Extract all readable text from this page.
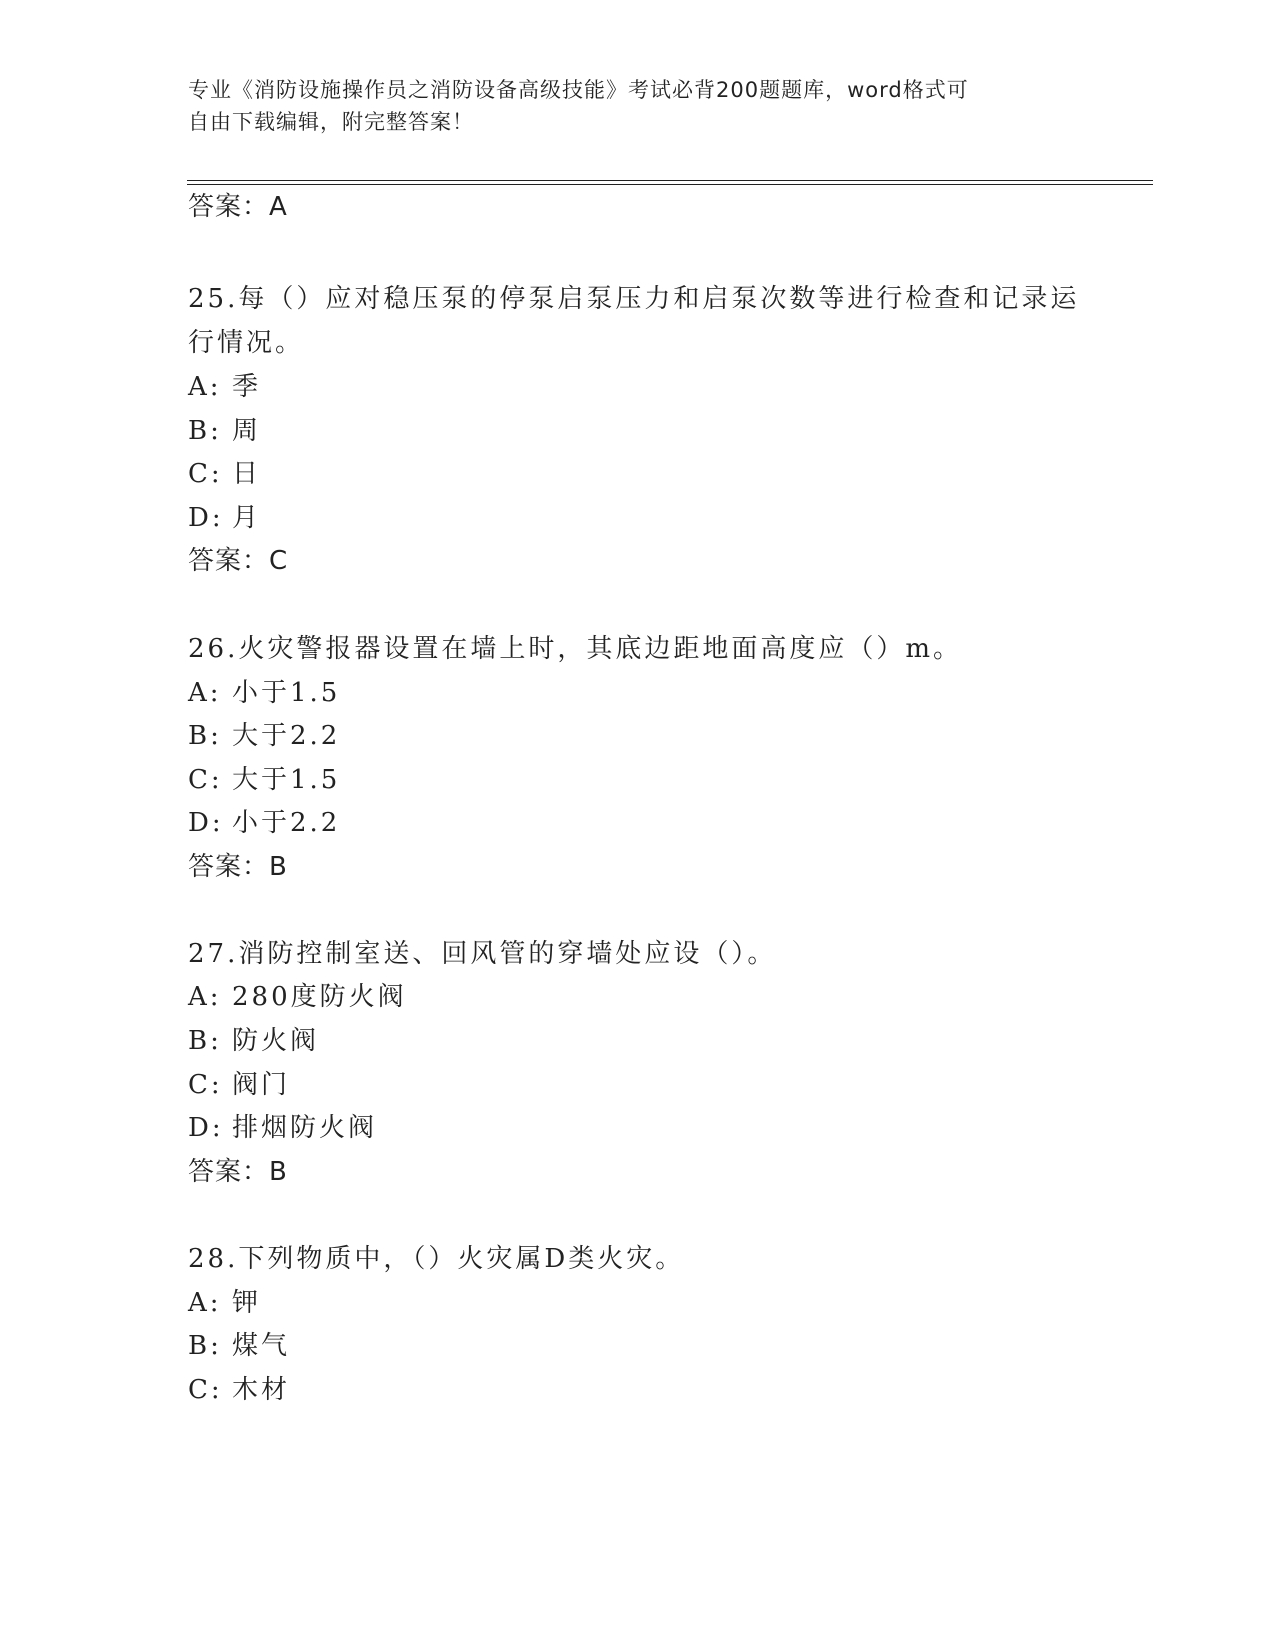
专业《消防设施操作员之消防设备高级技能》考试必背200题题库，word格式可
自由下载编辑，附完整答案！
答案：A
25.每（）应对稳压泵的停泵启泵压力和启泵次数等进行检查和记录运
行情况。
A: 季
B: 周
C: 日
D: 月
答案：C
26.火灾警报器设置在墙上时，其底边距地面高度应（）m。
A: 小于1.5
B: 大于2.2
C: 大于1.5
D: 小于2.2
答案：B
27.消防控制室送、回风管的穿墙处应设（）。
A: 280度防火阀
B: 防火阀
C: 阀门
D: 排烟防火阀
答案：B
28.下列物质中，（）火灾属D类火灾。
A: 钾
B: 煤气
C: 木材
